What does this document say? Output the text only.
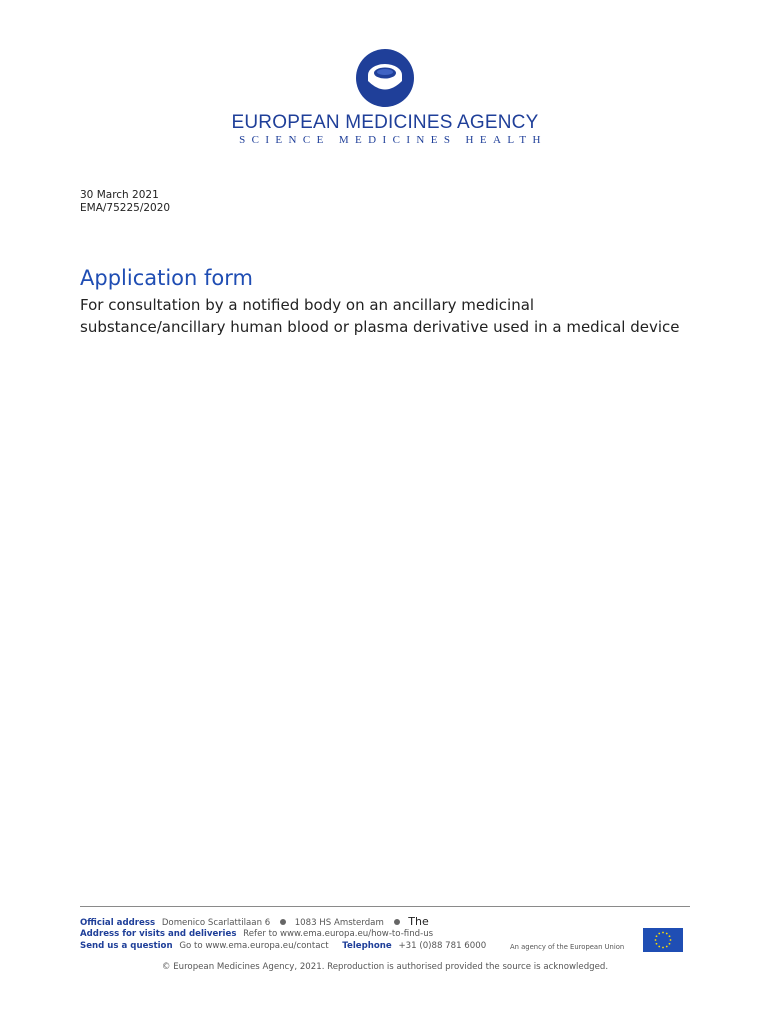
EUROPEAN MEDICINES AGENCY
SCIENCE MEDICINES HEALTH
30 March 2021
EMA/75225/2020
Application form

For consultation by a notified body on an ancillary medicinal substance/ancillary human blood or plasma derivative used in a medical device

Official address Domenico Scarlattilaan 6	1083 HS Amsterdam The
Address for visits and deliveries Refer to www.ema.europa.eu/how-to-find-us
Send us a question Go to www.ema.europa.eu/contact Telephone +31 (0)88 781 6000	An agency of the European Union
© European Medicines Agency, 2021. Reproduction is authorised provided the source is acknowledged.
